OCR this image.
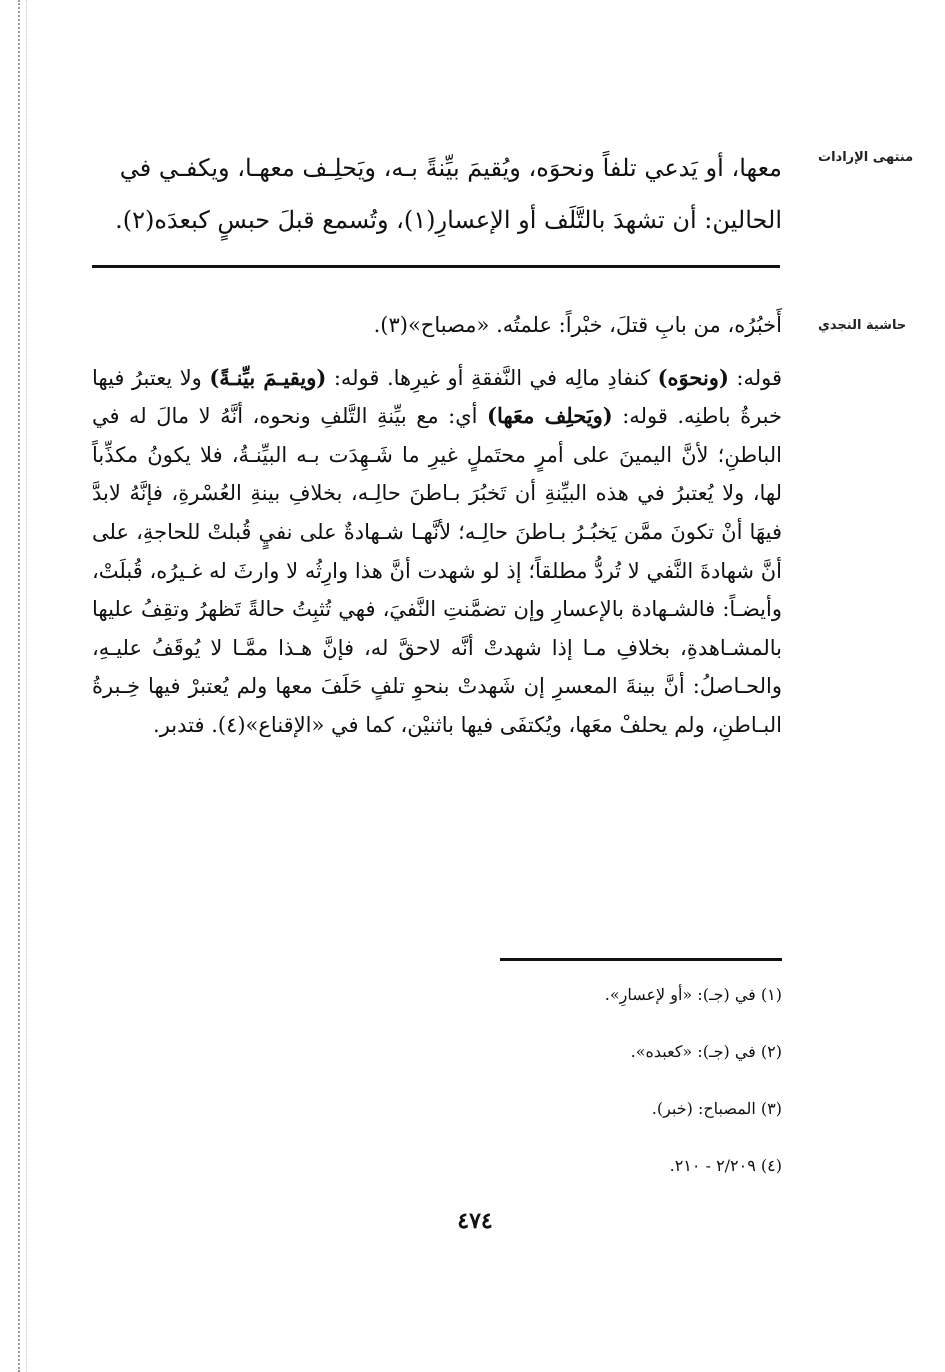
منتهى الإرادات
حاشية النجدي

معها، أو يَدعي تلفاً ونحوَه، ويُقيمَ بيِّنةً بـه، ويَحلِـف معهـا، ويكفـي في

الحالين: أن تشهدَ بالتَّلَف أو الإعسارِ(١)، وتُسمع قبلَ حبسٍ كبعدَه(٢).

أَخبُرُه، من بابِ قتلَ، خبْراً: علمتُه. «مصباح»(٣).

قوله: (ونحوَه) كنفادِ مالِه في النَّفقةِ أو غيرِها. قوله: (ويقيـمَ بيِّنـةً) ولا يعتبرُ فيها خبرةُ باطنِه. قوله: (ويَحلِف معَها) أي: مع بيِّنةِ التَّلفِ ونحوه، أنَّهُ لا مالَ له في الباطنِ؛ لأنَّ اليمينَ على أمرٍ محتَملٍ غيرِ ما شَـهِدَت بـه البيِّنـةُ، فلا يكونُ مكذِّباً لها، ولا يُعتبرُ في هذه البيِّنةِ أن تَخبُرَ بـاطنَ حالِـه، بخلافِ بينةِ العُسْرةِ، فإنَّهُ لابدَّ فيهَا أنْ تكونَ ممَّن يَخبُـرُ بـاطنَ حالِـه؛ لأنَّهـا شـهادةٌ على نفيٍ قُبلتْ للحاجةِ، على أنَّ شهادةَ النَّفي لا تُردُّ مطلقاً؛ إذ لو شهدت أنَّ هذا وارِثُه لا وارثَ له غـيرُه، قُبلَتْ، وأيضـاً: فالشـهادة بالإعسارِ وإن تضمَّنتِ النَّفيَ، فهي تُثبِتُ حالةً تَظهرُ وتقِفُ عليها بالمشـاهدةِ، بخلافِ مـا إذا شهدتْ أنَّه لاحقَّ له، فإنَّ هـذا ممَّـا لا يُوقَفُ عليـهِ، والحـاصلُ: أنَّ بينةَ المعسرِ إن شَهدتْ بنحوِ تلفٍ حَلَفَ معها ولم يُعتبرْ فيها خِـبرةُ البـاطنِ، ولم يحلفْ معَها، ويُكتفَى فيها باثنيْن، كما في «الإقناع»(٤). فتدبر.

(١) في (جـ): «أو لإعسارِ».
(٢) في (جـ): «كعبده».
(٣) المصباح: (خبر).
(٤) ٢/٢٠٩ - ٢١٠.
٤٧٤
